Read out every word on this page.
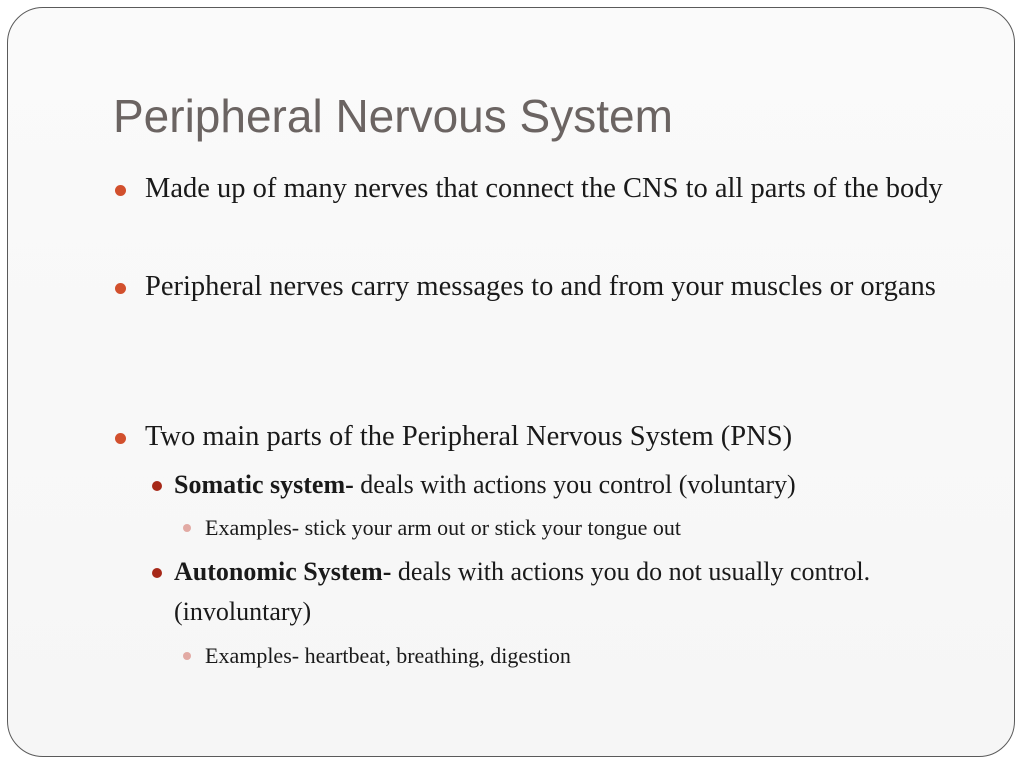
Peripheral Nervous System
Made up of many nerves that connect the CNS to all parts of the body
Peripheral nerves carry messages to and from your muscles or organs
Two main parts of the Peripheral Nervous System (PNS)
Somatic system- deals with actions you control (voluntary)
Examples- stick your arm out or stick your tongue out
Autonomic System- deals with actions you do not usually control. (involuntary)
Examples- heartbeat, breathing, digestion
